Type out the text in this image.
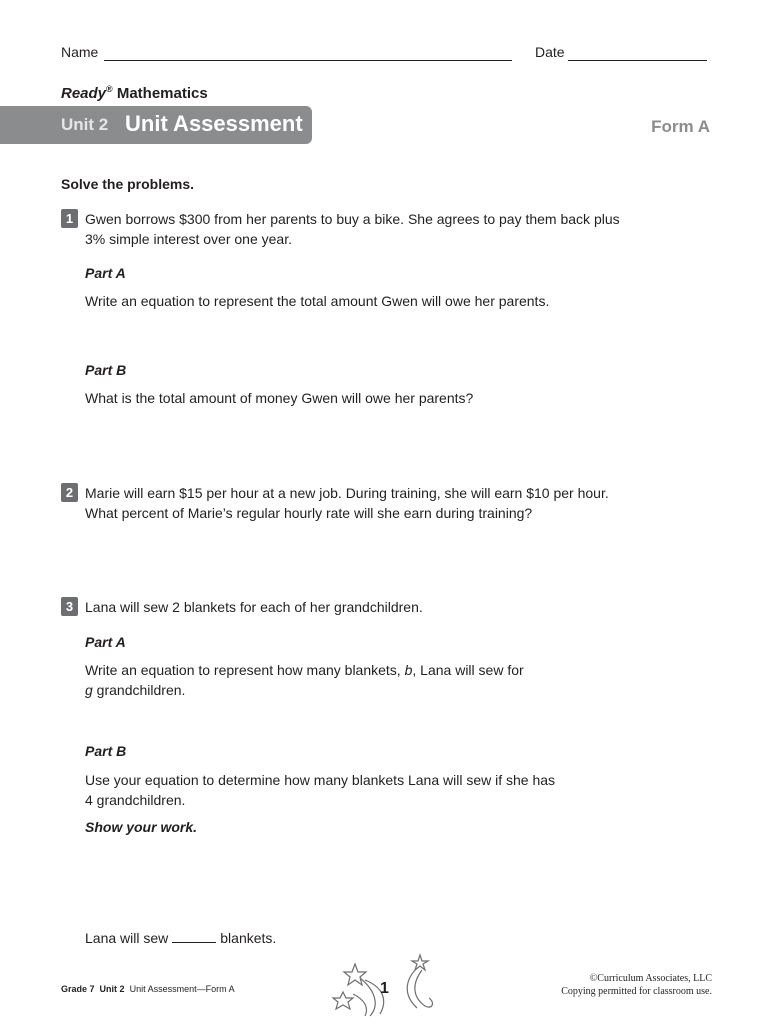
Name	Date
Ready® Mathematics
Unit 2 Unit Assessment	Form A
Solve the problems.
1 Gwen borrows $300 from her parents to buy a bike. She agrees to pay them back plus 3% simple interest over one year.
Part A
Write an equation to represent the total amount Gwen will owe her parents.
Part B
What is the total amount of money Gwen will owe her parents?
2 Marie will earn $15 per hour at a new job. During training, she will earn $10 per hour. What percent of Marie’s regular hourly rate will she earn during training?
3 Lana will sew 2 blankets for each of her grandchildren.
Part A
Write an equation to represent how many blankets, b, Lana will sew for
g grandchildren.
Part B
Use your equation to determine how many blankets Lana will sew if she has 4 grandchildren.
Show your work.
Lana will sew	blankets.
Grade 7 Unit 2 Unit Assessment—Form A	1
©Curriculum Associates, LLC
Copying permitted for classroom use.
